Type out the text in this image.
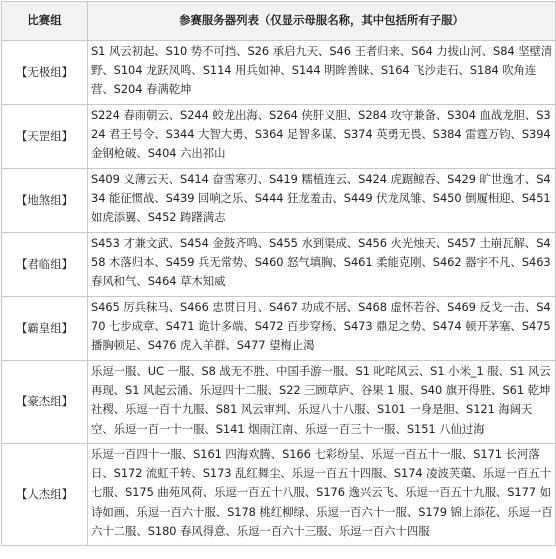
比赛组	参赛服务器列表（仅显示母服名称，其中包括所有子服）
【无极组】	S1 风云初起、S10 势不可挡、S26 承启九天、S46 王者归来、S64 力拔山河、S84 坚壁清野、S104 龙跃凤鸣、S114 用兵如神、S144 明眸善睐、S164 飞沙走石、S184 吹角连营、S204 春满乾坤
【天罡组】	S224 春雨朝云、S244 蛟龙出海、S264 侠肝义胆、S284 攻守兼备、S304 血战龙胆、S324 君王号令、S344 大智大勇、S364 足智多谋、S374 英勇无畏、S384 雷霆万钧、S394 金钢枪破、S404 六出祁山
【地煞组】	S409 义薄云天、S414 奋雪寒刃、S419 糯植连云、S424 虎踞鲸吞、S429 旷世逸才、S434 能征惯战、S439 回响之乐、S444 狂龙羞击、S449 伏龙凤雏、S450 倒履相迎、S451 如虎添翼、S452 踌躇满志
【君临组】	S453 才兼文武、S454 金鼓齐鸣、S455 水到渠成、S456 火光烛天、S457 土崩瓦解、S458 木落归本、S459 兵无常势、S460 怒气填胸、S461 柔能克刚、S462 器宇不凡、S463 春风和气、S464 草木知威
【霸皇组】	S465 厉兵秣马、S466 忠贯日月、S467 功成不居、S468 虚怀若谷、S469 反戈一击、S470 七步成章、S471 诡计多端、S472 百步穿杨、S473 鼎足之势、S474 顿开茅塞、S475 播胸顿足、S476 虎入羊群、S477 望梅止渴
【豪杰组】	乐逗一服、UC 一服、S8 战无不胜、中国手游一服、S1 叱咤风云、S1 小米_1 服、S1 风云再现、S1 风起云涌、乐逗四十二服、S22 三顾草庐、谷果 1 服、S40 旗开得胜、S61 乾坤社稷、乐逗一百十九服、S81 风云审判、乐逗八十八服、S101 一身是胆、S121 海阔天空、乐逗一百一十一服、S141 烟雨江南、乐逗一百三十一服、S151 八仙过海
【人杰组】	乐逗一百四十一服、S161 四海欢腾、S166 七彩纷呈、乐逗一百五十一服、S171 长河落日、S172 流虹千转、S173 乱红舞尘、乐逗一百五十四服、S174 凌波芙蕖、乐逗一百五十七服、S175 曲苑风荷、乐逗一百五十八服、S176 逸兴云飞、乐逗一百五十九服、S177 如诗如画、乐逗一百六十服、S178 桃红柳绿、乐逗一百六十一服、S179 锦上添花、乐逗一百六十二服、S180 春风得意、乐逗一百六十三服、乐逗一百六十四服
